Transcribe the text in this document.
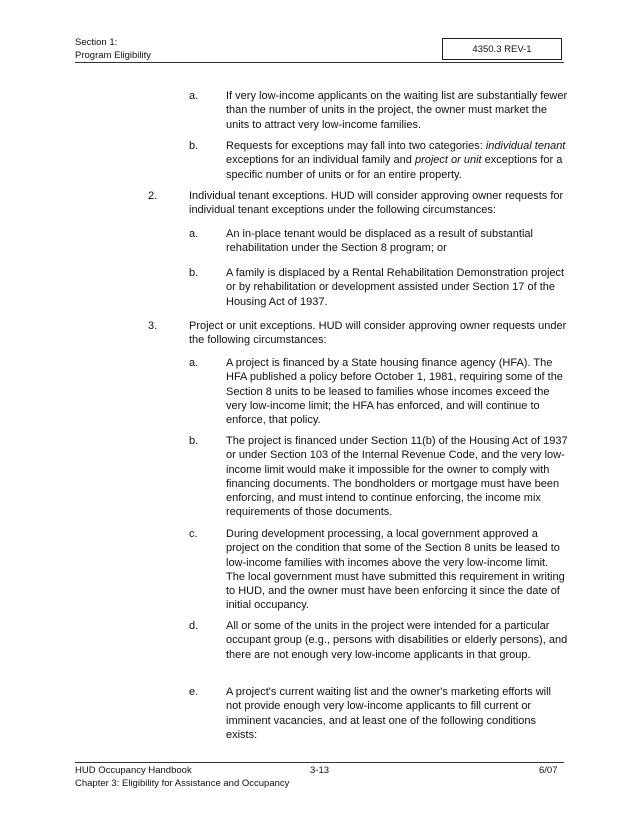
Section 1:
Program Eligibility
4350.3 REV-1
a.	If very low-income applicants on the waiting list are substantially fewer than the number of units in the project, the owner must market the units to attract very low-income families.
b.	Requests for exceptions may fall into two categories: individual tenant exceptions for an individual family and project or unit exceptions for a specific number of units or for an entire property.
2.	Individual tenant exceptions. HUD will consider approving owner requests for individual tenant exceptions under the following circumstances:
a.	An in-place tenant would be displaced as a result of substantial rehabilitation under the Section 8 program; or
b.	A family is displaced by a Rental Rehabilitation Demonstration project or by rehabilitation or development assisted under Section 17 of the Housing Act of 1937.
3.	Project or unit exceptions. HUD will consider approving owner requests under the following circumstances:
a.	A project is financed by a State housing finance agency (HFA). The HFA published a policy before October 1, 1981, requiring some of the Section 8 units to be leased to families whose incomes exceed the very low-income limit; the HFA has enforced, and will continue to enforce, that policy.
b.	The project is financed under Section 11(b) of the Housing Act of 1937 or under Section 103 of the Internal Revenue Code, and the very low-income limit would make it impossible for the owner to comply with financing documents. The bondholders or mortgage must have been enforcing, and must intend to continue enforcing, the income mix requirements of those documents.
c.	During development processing, a local government approved a project on the condition that some of the Section 8 units be leased to low-income families with incomes above the very low-income limit. The local government must have submitted this requirement in writing to HUD, and the owner must have been enforcing it since the date of initial occupancy.
d.	All or some of the units in the project were intended for a particular occupant group (e.g., persons with disabilities or elderly persons), and there are not enough very low-income applicants in that group.
e.	A project's current waiting list and the owner's marketing efforts will not provide enough very low-income applicants to fill current or imminent vacancies, and at least one of the following conditions exists:
HUD Occupancy Handbook	3-13	6/07
Chapter 3: Eligibility for Assistance and Occupancy
